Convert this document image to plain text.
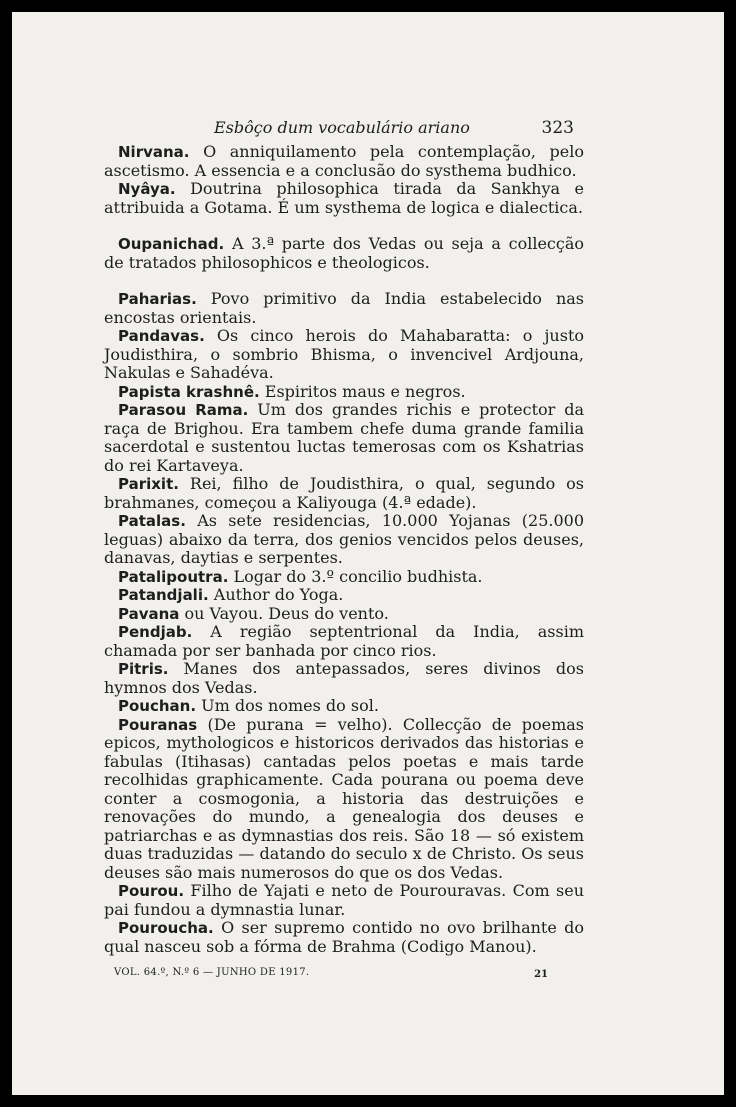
Esbôço dum vocabulário ariano	323

Nirvana. O anniquilamento pela contemplação, pelo ascetismo. A essencia e a conclusão do systhema budhico.

Nyâya. Doutrina philosophica tirada da Sankhya e attribuida a Gotama. É um systhema de logica e dialectica.

Oupanichad. A 3.ª parte dos Vedas ou seja a collecção de tratados philosophicos e theologicos.

Paharias. Povo primitivo da India estabelecido nas encostas orientais.

Pandavas. Os cinco herois do Mahabaratta: o justo Joudisthira, o sombrio Bhisma, o invencivel Ardjouna, Nakulas e Sahadéva.

Papista krashnê. Espiritos maus e negros.

Parasou Rama. Um dos grandes richis e protector da raça de Brighou. Era tambem chefe duma grande familia sacerdotal e sustentou luctas temerosas com os Kshatrias do rei Kartaveya.

Parixit. Rei, filho de Joudisthira, o qual, segundo os brahmanes, começou a Kaliyouga (4.ª edade).

Patalas. As sete residencias, 10.000 Yojanas (25.000 leguas) abaixo da terra, dos genios vencidos pelos deuses, danavas, daytias e serpentes.

Patalipoutra. Logar do 3.º concilio budhista.

Patandjali. Author do Yoga.

Pavana ou Vayou. Deus do vento.

Pendjab. A região septentrional da India, assim chamada por ser banhada por cinco rios.

Pitris. Manes dos antepassados, seres divinos dos hymnos dos Vedas.

Pouchan. Um dos nomes do sol.

Pouranas (De purana = velho). Collecção de poemas epicos, mythologicos e historicos derivados das historias e fabulas (Itihasas) cantadas pelos poetas e mais tarde recolhidas graphicamente. Cada pourana ou poema deve conter a cosmogonia, a historia das destruições e renovações do mundo, a genealogia dos deuses e patriarchas e as dymnastias dos reis. São 18 — só existem duas traduzidas — datando do seculo x de Christo. Os seus deuses são mais numerosos do que os dos Vedas.

Pourou. Filho de Yajati e neto de Pourouravas. Com seu pai fundou a dymnastia lunar.

Pouroucha. O ser supremo contido no ovo brilhante do qual nasceu sob a fórma de Brahma (Codigo Manou).

VOL. 64.º, N.º 6 — JUNHO DE 1917.	21
